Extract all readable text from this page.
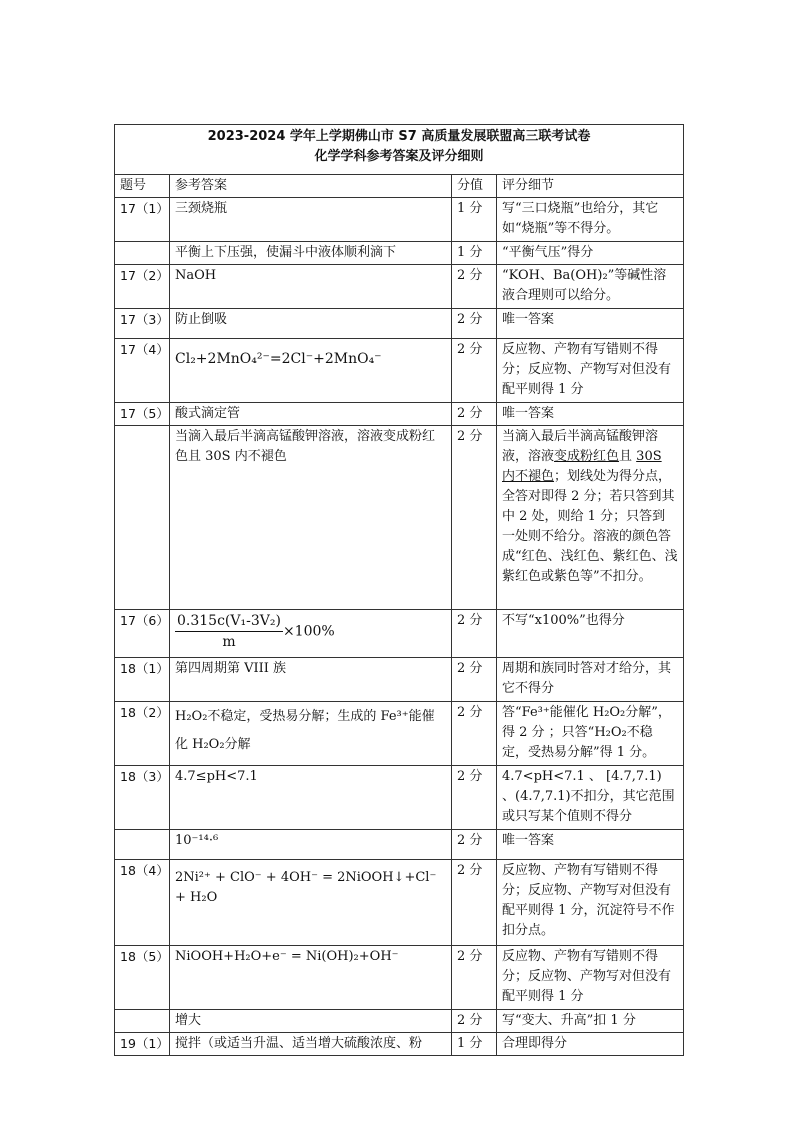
2023-2024 学年上学期佛山市 S7 高质量发展联盟高三联考试卷
化学学科参考答案及评分细则			

题号	参考答案	分值	评分细节
17（1）	三颈烧瓶	1 分	写“三口烧瓶”也给分，其它如“烧瓶”等不得分。
	平衡上下压强，使漏斗中液体顺利滴下	1 分	“平衡气压”得分
17（2）	NaOH	2 分	“KOH、Ba(OH)₂”等碱性溶液合理则可以给分。
17（3）	防止倒吸	2 分	唯一答案
17（4）	Cl₂+2MnO₄²⁻=2Cl⁻+2MnO₄⁻	2 分	反应物、产物有写错则不得分；反应物、产物写对但没有配平则得 1 分
17（5）	酸式滴定管	2 分	唯一答案
	当滴入最后半滴高锰酸钾溶液，溶液变成粉红色且 30S 内不褪色	2 分	当滴入最后半滴高锰酸钾溶液，溶液变成粉红色且 30S 内不褪色；划线处为得分点，全答对即得 2 分；若只答到其中 2 处，则给 1 分；只答到一处则不给分。溶液的颜色答成“红色、浅红色、紫红色、浅紫红色或紫色等”不扣分。
17（6）	$\frac{\text{0.315c(V₁-3V₂)}}{m} \times 100\%$	2 分	不写“x100%”也得分
18（1）	第四周期第 VIII 族	2 分	周期和族同时答对才给分，其它不得分
18（2）	H₂O₂不稳定，受热易分解；生成的 Fe³⁺能催化 H₂O₂分解	2 分	答“Fe³⁺能催化 H₂O₂分解”，得 2 分 ；只答“H₂O₂不稳定，受热易分解”得 1 分。
18（3）	4.7≤pH<7.1	2 分	4.7<pH<7.1 、 [4.7,7.1) 、(4.7,7.1)不扣分，其它范围或只写某个值则不得分
	10⁻¹⁴·⁶	2 分	唯一答案
18（4）	2Ni²⁺ + ClO⁻ + 4OH⁻ = 2NiOOH↓+Cl⁻ + H₂O	2 分	反应物、产物有写错则不得分；反应物、产物写对但没有配平则得 1 分，沉淀符号不作扣分点。
18（5）	NiOOH+H₂O+e⁻ = Ni(OH)₂+OH⁻	2 分	反应物、产物有写错则不得分；反应物、产物写对但没有配平则得 1 分
	增大	2 分	写“变大、升高”扣 1 分
19（1）	搅拌（或适当升温、适当增大硫酸浓度、粉	1 分	合理即得分
